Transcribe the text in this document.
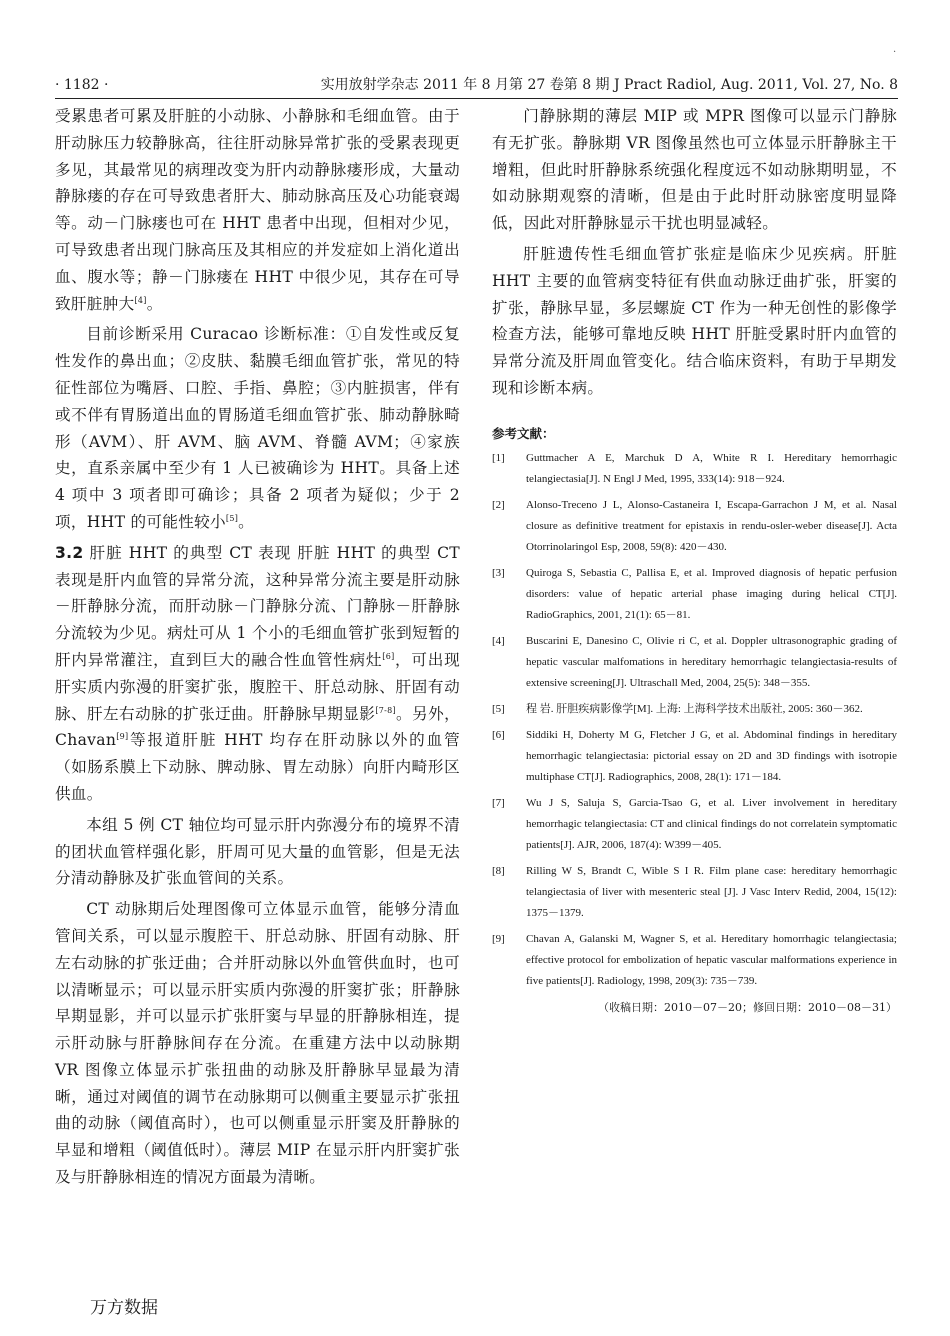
.
· 1182 ·	实用放射学杂志 2011 年 8 月第 27 卷第 8 期 J Pract Radiol, Aug. 2011, Vol. 27, No. 8

受累患者可累及肝脏的小动脉、小静脉和毛细血管。由于肝动脉压力较静脉高，往往肝动脉异常扩张的受累表现更多见，其最常见的病理改变为肝内动静脉瘘形成，大量动静脉瘘的存在可导致患者肝大、肺动脉高压及心功能衰竭等。动－门脉瘘也可在 HHT 患者中出现，但相对少见，可导致患者出现门脉高压及其相应的并发症如上消化道出血、腹水等；静－门脉瘘在 HHT 中很少见，其存在可导致肝脏肿大[4]。

目前诊断采用 Curacao 诊断标准：①自发性或反复性发作的鼻出血；②皮肤、黏膜毛细血管扩张，常见的特征性部位为嘴唇、口腔、手指、鼻腔；③内脏损害，伴有或不伴有胃肠道出血的胃肠道毛细血管扩张、肺动静脉畸形（AVM）、肝 AVM、脑 AVM、脊髓 AVM；④家族史，直系亲属中至少有 1 人已被确诊为 HHT。具备上述 4 项中 3 项者即可确诊；具备 2 项者为疑似；少于 2 项，HHT 的可能性较小[5]。

3.2 肝脏 HHT 的典型 CT 表现 肝脏 HHT 的典型 CT 表现是肝内血管的异常分流，这种异常分流主要是肝动脉－肝静脉分流，而肝动脉－门静脉分流、门静脉－肝静脉分流较为少见。病灶可从 1 个小的毛细血管扩张到短暂的肝内异常灌注，直到巨大的融合性血管性病灶[6]，可出现肝实质内弥漫的肝窦扩张，腹腔干、肝总动脉、肝固有动脉、肝左右动脉的扩张迂曲。肝静脉早期显影[7-8]。另外，Chavan[9]等报道肝脏 HHT 均存在肝动脉以外的血管（如肠系膜上下动脉、脾动脉、胃左动脉）向肝内畸形区供血。

本组 5 例 CT 轴位均可显示肝内弥漫分布的境界不清的团状血管样强化影，肝周可见大量的血管影，但是无法分清动静脉及扩张血管间的关系。

CT 动脉期后处理图像可立体显示血管，能够分清血管间关系，可以显示腹腔干、肝总动脉、肝固有动脉、肝左右动脉的扩张迂曲；合并肝动脉以外血管供血时，也可以清晰显示；可以显示肝实质内弥漫的肝窦扩张；肝静脉早期显影，并可以显示扩张肝窦与早显的肝静脉相连，提示肝动脉与肝静脉间存在分流。在重建方法中以动脉期 VR 图像立体显示扩张扭曲的动脉及肝静脉早显最为清晰，通过对阈值的调节在动脉期可以侧重主要显示扩张扭曲的动脉（阈值高时），也可以侧重显示肝窦及肝静脉的早显和增粗（阈值低时）。薄层 MIP 在显示肝内肝窦扩张及与肝静脉相连的情况方面最为清晰。

门静脉期的薄层 MIP 或 MPR 图像可以显示门静脉有无扩张。静脉期 VR 图像虽然也可立体显示肝静脉主干增粗，但此时肝静脉系统强化程度远不如动脉期明显，不如动脉期观察的清晰，但是由于此时肝动脉密度明显降低，因此对肝静脉显示干扰也明显减轻。

肝脏遗传性毛细血管扩张症是临床少见疾病。肝脏 HHT 主要的血管病变特征有供血动脉迂曲扩张，肝窦的扩张，静脉早显，多层螺旋 CT 作为一种无创性的影像学检查方法，能够可靠地反映 HHT 肝脏受累时肝内血管的异常分流及肝周血管变化。结合临床资料，有助于早期发现和诊断本病。

参考文献：
[1] Guttmacher A E, Marchuk D A, White R I. Hereditary hemorrhagic telangiectasia[J]. N Engl J Med, 1995, 333(14): 918－924.
[2] Alonso-Treceno J L, Alonso-Castaneira I, Escapa-Garrachon J M, et al. Nasal closure as definitive treatment for epistaxis in rendu-osler-weber disease[J]. Acta Otorrinolaringol Esp, 2008, 59(8): 420－430.
[3] Quiroga S, Sebastia C, Pallisa E, et al. Improved diagnosis of hepatic perfusion disorders: value of hepatic arterial phase imaging during helical CT[J]. RadioGraphics, 2001, 21(1): 65－81.
[4] Buscarini E, Danesino C, Olivie ri C, et al. Doppler ultrasonographic grading of hepatic vascular malfomations in hereditary hemorrhagic telangiectasia-results of extensive screening[J]. Ultraschall Med, 2004, 25(5): 348－355.
[5] 程 岩. 肝胆疾病影像学[M]. 上海: 上海科学技术出版社, 2005: 360－362.
[6] Siddiki H, Doherty M G, Fletcher J G, et al. Abdominal findings in hereditary hemorrhagic telangiectasia: pictorial essay on 2D and 3D findings with isotropie multiphase CT[J]. Radiographics, 2008, 28(1): 171－184.
[7] Wu J S, Saluja S, Garcia-Tsao G, et al. Liver involvement in hereditary hemorrhagic telangiectasia: CT and clinical findings do not correlatein symptomatic patients[J]. AJR, 2006, 187(4): W399－405.
[8] Rilling W S, Brandt C, Wible S I R. Film plane case: hereditary hemorrhagic telangiectasia of liver with mesenteric steal [J]. J Vasc Interv Redid, 2004, 15(12): 1375－1379.
[9] Chavan A, Galanski M, Wagner S, et al. Hereditary homorrhagic telangiectasia; effective protocol for embolization of hepatic vascular malformations experience in five patients[J]. Radiology, 1998, 209(3): 735－739.
（收稿日期：2010－07－20；修回日期：2010－08－31）
万方数据
